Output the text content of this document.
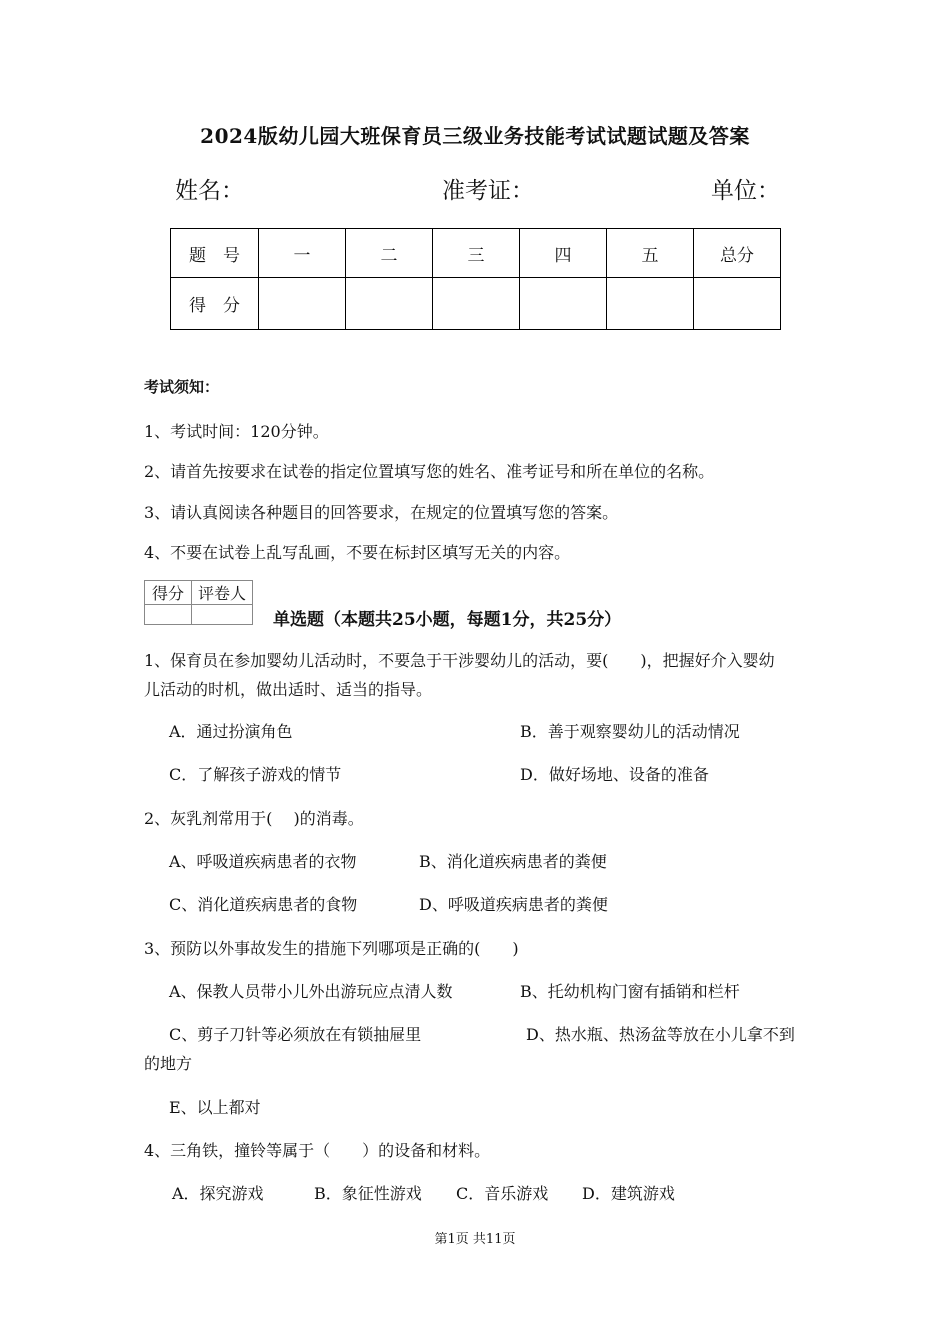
2024版幼儿园大班保育员三级业务技能考试试题试题及答案
姓名：	准考证：	单位：
题　号	一	二	三	四	五	总分
得　分						
考试须知：
1、考试时间：120分钟。
2、请首先按要求在试卷的指定位置填写您的姓名、准考证号和所在单位的名称。
3、请认真阅读各种题目的回答要求，在规定的位置填写您的答案。
4、不要在试卷上乱写乱画，不要在标封区填写无关的内容。
得分	评卷人

单选题（本题共25小题，每题1分，共25分）
1、保育员在参加婴幼儿活动时，不要急于干涉婴幼儿的活动，要(　　)，把握好介入婴幼
儿活动的时机，做出适时、适当的指导。
A．通过扮演角色	B．善于观察婴幼儿的活动情况
C．了解孩子游戏的情节	D．做好场地、设备的准备
2、灰乳剂常用于(　 )的消毒。
A、呼吸道疾病患者的衣物	B、消化道疾病患者的粪便
C、消化道疾病患者的食物	D、呼吸道疾病患者的粪便
3、预防以外事故发生的措施下列哪项是正确的(　　)
A、保教人员带小儿外出游玩应点清人数	B、托幼机构门窗有插销和栏杆
C、剪子刀针等必须放在有锁抽屉里	D、热水瓶、热汤盆等放在小儿拿不到
的地方
E、以上都对
4、三角铁，撞铃等属于（　　）的设备和材料。
A．探究游戏	B．象征性游戏 C．音乐游戏 D．建筑游戏
第1页 共11页
